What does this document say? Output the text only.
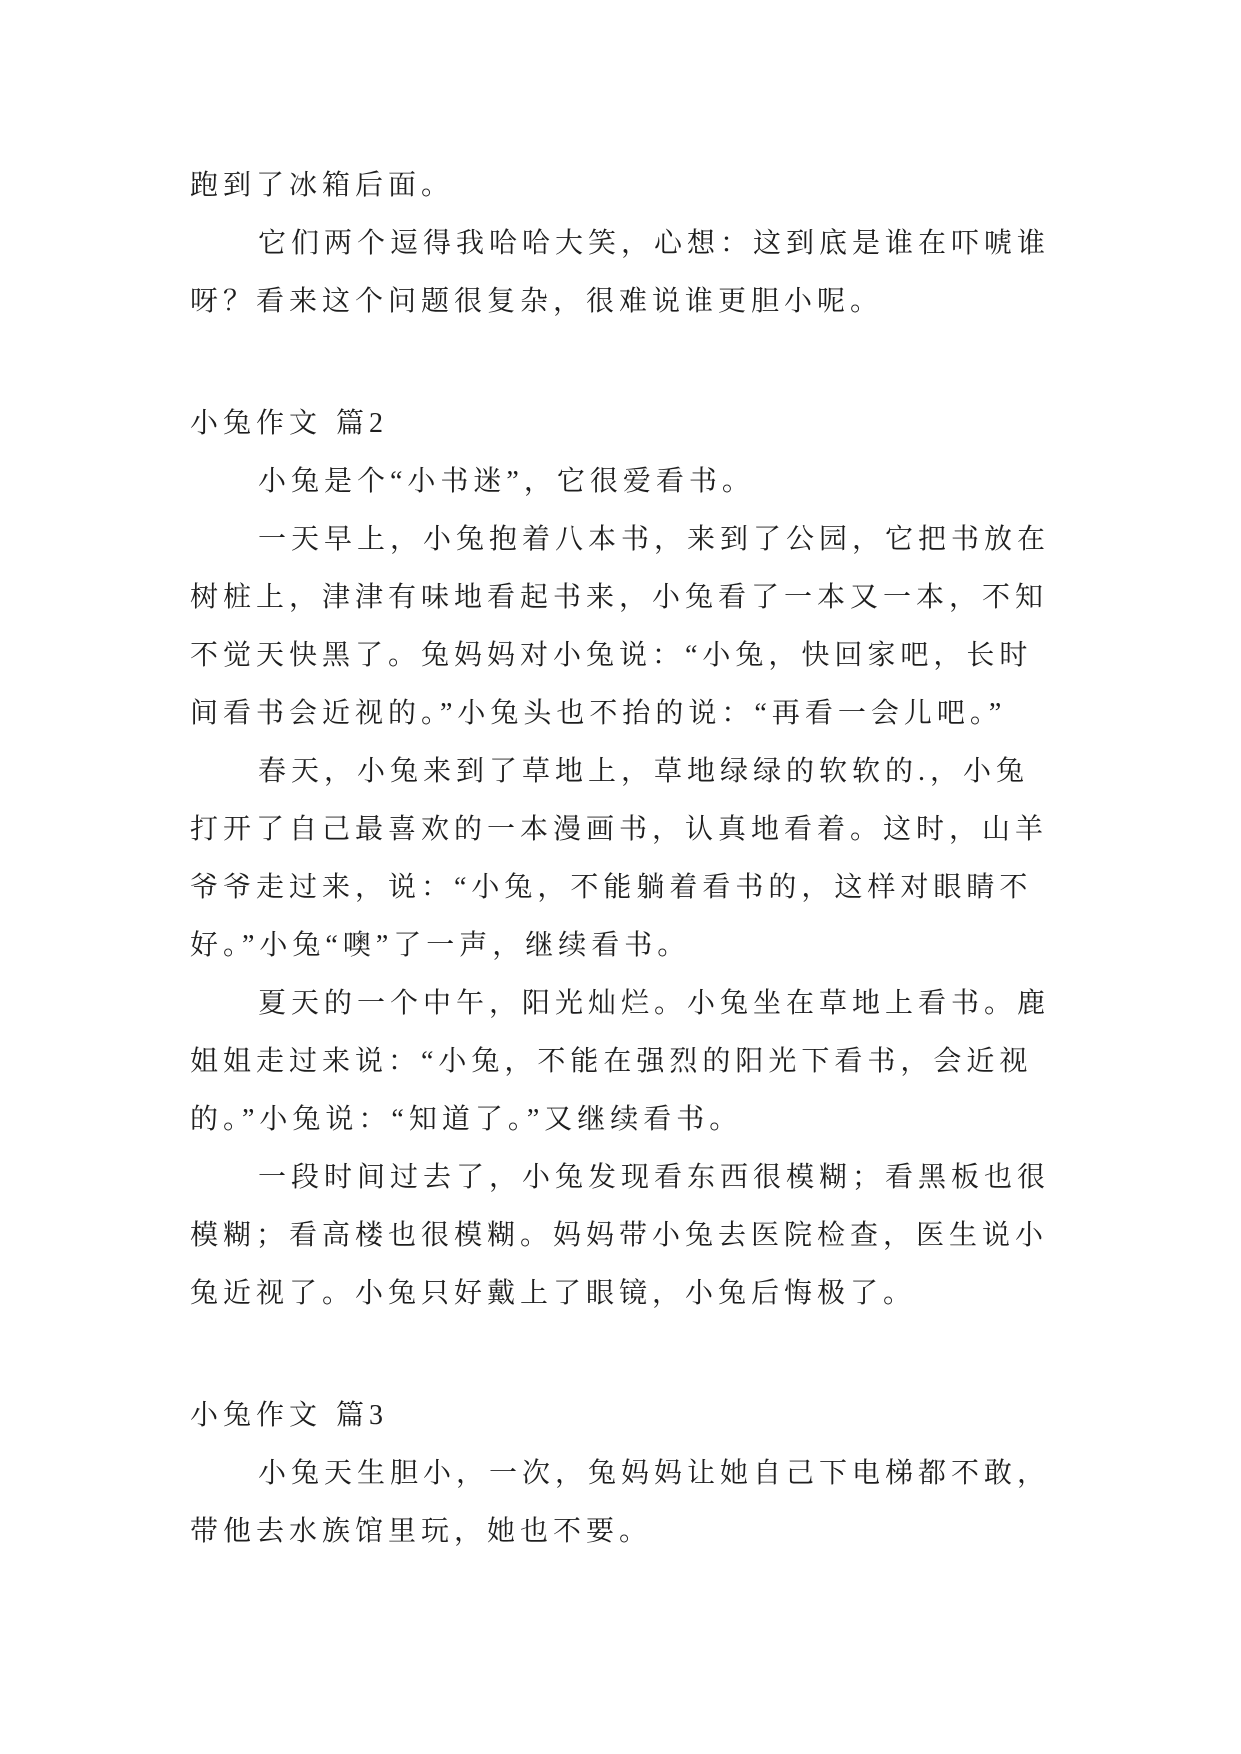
跑到了冰箱后面。

它们两个逗得我哈哈大笑，心想：这到底是谁在吓唬谁

呀？看来这个问题很复杂，很难说谁更胆小呢。

小兔作文 篇2

小兔是个“小书迷”，它很爱看书。

一天早上，小兔抱着八本书，来到了公园，它把书放在

树桩上，津津有味地看起书来，小兔看了一本又一本，不知

不觉天快黑了。兔妈妈对小兔说：“小兔，快回家吧，长时

间看书会近视的。”小兔头也不抬的说：“再看一会儿吧。”

春天，小兔来到了草地上，草地绿绿的软软的.，小兔

打开了自己最喜欢的一本漫画书，认真地看着。这时，山羊

爷爷走过来，说：“小兔，不能躺着看书的，这样对眼睛不

好。”小兔“噢”了一声，继续看书。

夏天的一个中午，阳光灿烂。小兔坐在草地上看书。鹿

姐姐走过来说：“小兔，不能在强烈的阳光下看书，会近视

的。”小兔说：“知道了。”又继续看书。

一段时间过去了，小兔发现看东西很模糊；看黑板也很

模糊；看高楼也很模糊。妈妈带小兔去医院检查，医生说小

兔近视了。小兔只好戴上了眼镜，小兔后悔极了。

小兔作文 篇3

小兔天生胆小，一次，兔妈妈让她自己下电梯都不敢，

带他去水族馆里玩，她也不要。
